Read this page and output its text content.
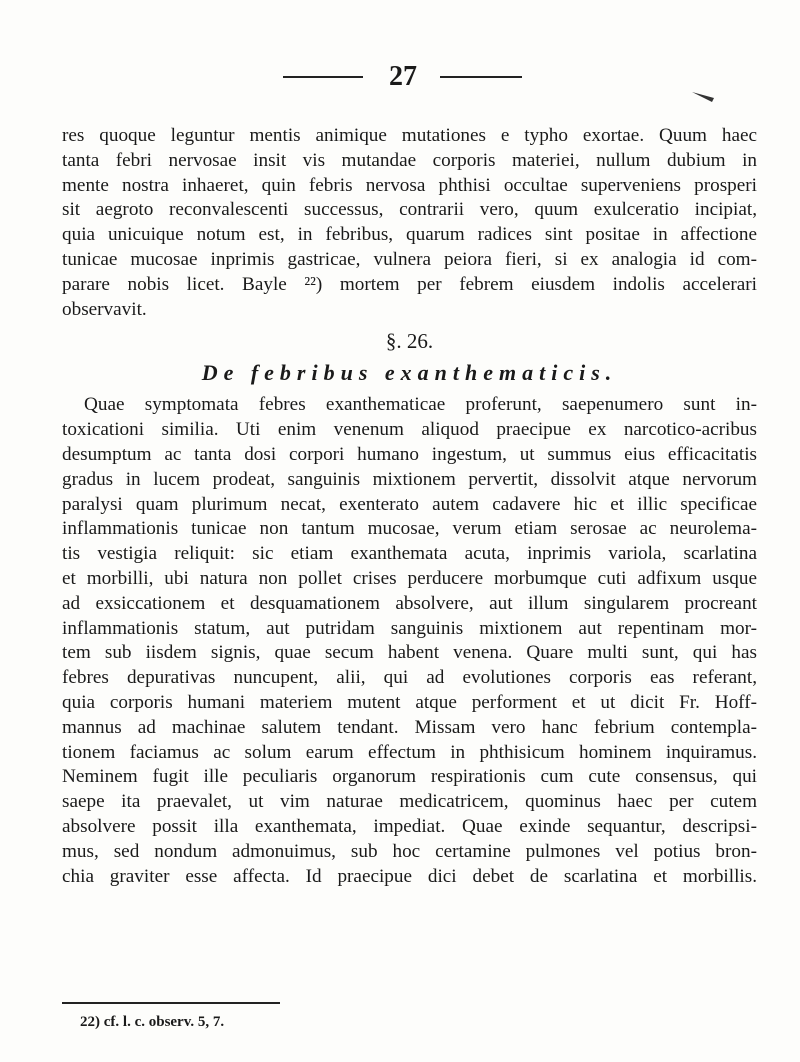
27
res quoque leguntur mentis animique mutationes e typho exortae. Quum haec
tanta febri nervosae insit vis mutandae corporis materiei, nullum dubium in
mente nostra inhaeret, quin febris nervosa phthisi occultae superveniens prosperi
sit aegroto reconvalescenti successus, contrarii vero, quum exulceratio incipiat,
quia unicuique notum est, in febribus, quarum radices sint positae in affectione
tunicae mucosae inprimis gastricae, vulnera peiora fieri, si ex analogia id com-
parare nobis licet. Bayle ²²) mortem per febrem eiusdem indolis accelerari
observavit.
§. 26.
De febribus exanthematicis.
Quae symptomata febres exanthematicae proferunt, saepenumero sunt in-
toxicationi similia. Uti enim venenum aliquod praecipue ex narcotico-acribus
desumptum ac tanta dosi corpori humano ingestum, ut summus eius efficacitatis
gradus in lucem prodeat, sanguinis mixtionem pervertit, dissolvit atque nervorum
paralysi quam plurimum necat, exenterato autem cadavere hic et illic specificae
inflammationis tunicae non tantum mucosae, verum etiam serosae ac neurolema-
tis vestigia reliquit: sic etiam exanthemata acuta, inprimis variola, scarlatina
et morbilli, ubi natura non pollet crises perducere morbumque cuti adfixum usque
ad exsiccationem et desquamationem absolvere, aut illum singularem procreant
inflammationis statum, aut putridam sanguinis mixtionem aut repentinam mor-
tem sub iisdem signis, quae secum habent venena. Quare multi sunt, qui has
febres depurativas nuncupent, alii, qui ad evolutiones corporis eas referant,
quia corporis humani materiem mutent atque performent et ut dicit Fr. Hoff-
mannus ad machinae salutem tendant. Missam vero hanc febrium contempla-
tionem faciamus ac solum earum effectum in phthisicum hominem inquiramus.
Neminem fugit ille peculiaris organorum respirationis cum cute consensus, qui
saepe ita praevalet, ut vim naturae medicatricem, quominus haec per cutem
absolvere possit illa exanthemata, impediat. Quae exinde sequantur, descripsi-
mus, sed nondum admonuimus, sub hoc certamine pulmones vel potius bron-
chia graviter esse affecta. Id praecipue dici debet de scarlatina et morbillis.
22) cf. l. c. observ. 5, 7.
